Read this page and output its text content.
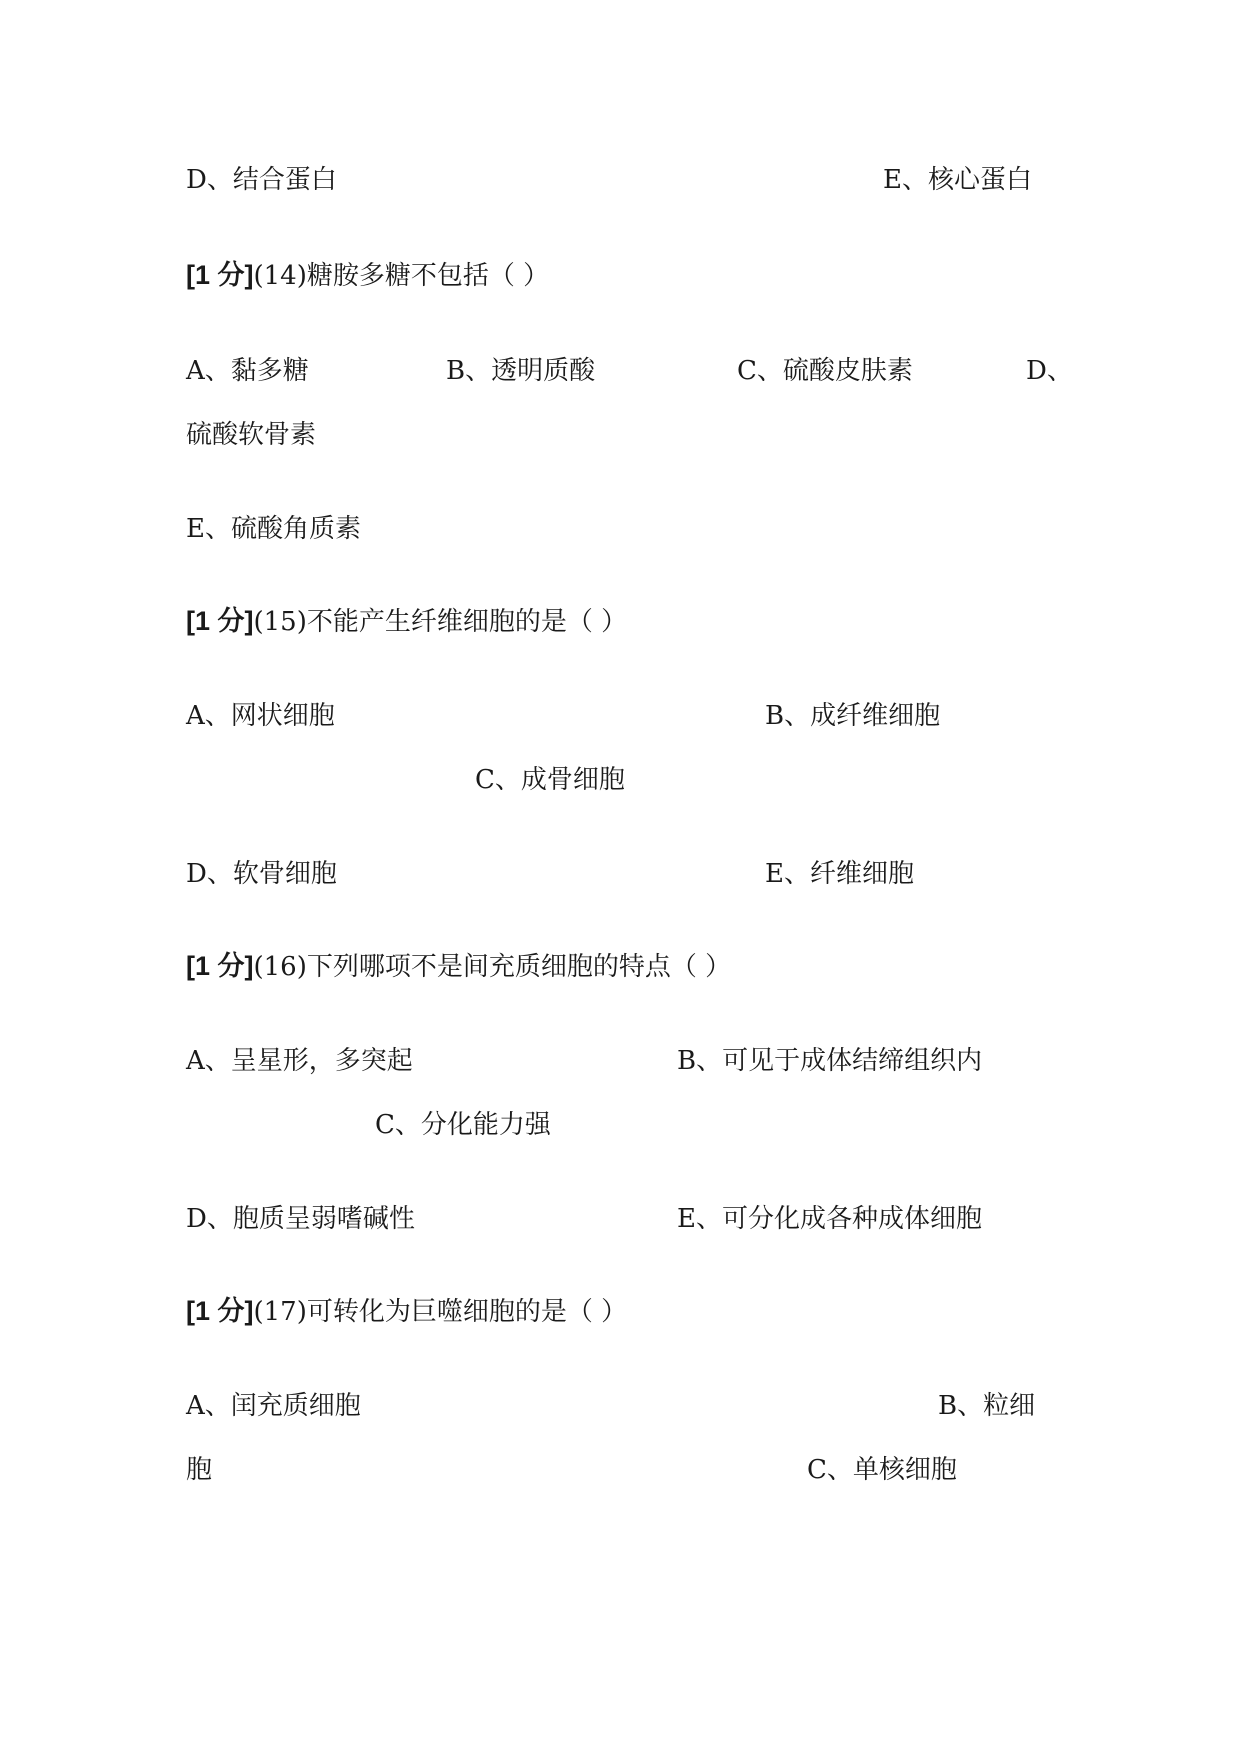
D、结合蛋白	E、核心蛋白
[1 分](14)糖胺多糖不包括（ ）
A、黏多糖	B、透明质酸	C、硫酸皮肤素	D、
硫酸软骨素
E、硫酸角质素
[1 分](15)不能产生纤维细胞的是（ ）
A、网状细胞	B、成纤维细胞
C、成骨细胞
D、软骨细胞	E、纤维细胞
[1 分](16)下列哪项不是间充质细胞的特点（ ）
A、呈星形，多突起	B、可见于成体结缔组织内
C、分化能力强
D、胞质呈弱嗜碱性	E、可分化成各种成体细胞
[1 分](17)可转化为巨噬细胞的是（ ）
A、闰充质细胞	B、粒细
胞	C、单核细胞
